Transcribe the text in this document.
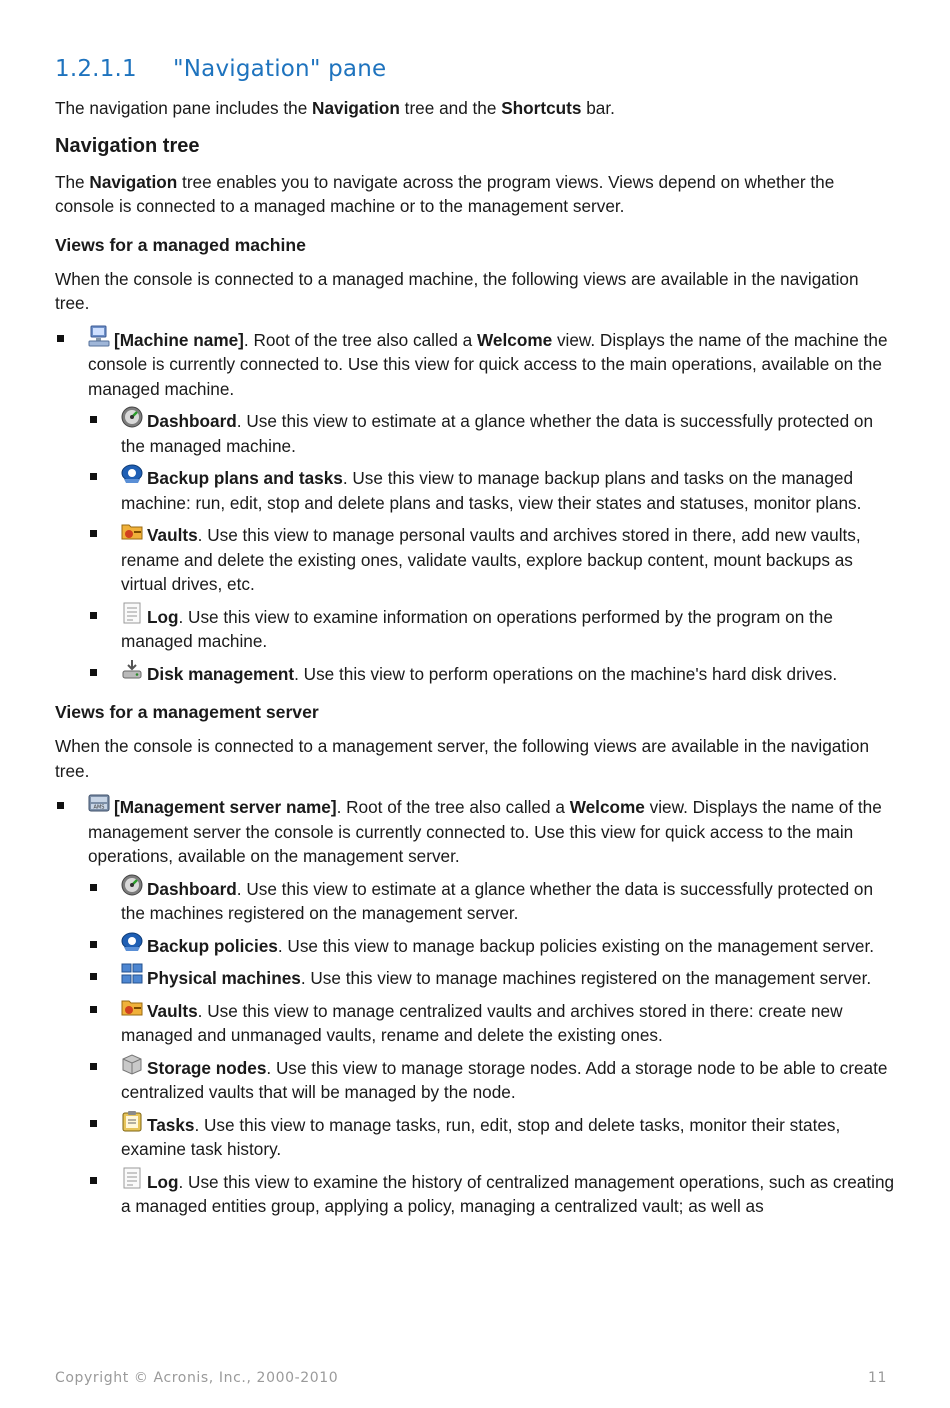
1.2.1.1 "Navigation" pane

The navigation pane includes the Navigation tree and the Shortcuts bar.

Navigation tree

The Navigation tree enables you to navigate across the program views. Views depend on whether the console is connected to a managed machine or to the management server.

Views for a managed machine

When the console is connected to a managed machine, the following views are available in the navigation tree.

[Machine name]. Root of the tree also called a Welcome view. Displays the name of the machine the console is currently connected to. Use this view for quick access to the main operations, available on the managed machine.
Dashboard. Use this view to estimate at a glance whether the data is successfully protected on the managed machine.
Backup plans and tasks. Use this view to manage backup plans and tasks on the managed machine: run, edit, stop and delete plans and tasks, view their states and statuses, monitor plans.
Vaults. Use this view to manage personal vaults and archives stored in there, add new vaults, rename and delete the existing ones, validate vaults, explore backup content, mount backups as virtual drives, etc.
Log. Use this view to examine information on operations performed by the program on the managed machine.
Disk management. Use this view to perform operations on the machine's hard disk drives.
Views for a management server

When the console is connected to a management server, the following views are available in the navigation tree.

AMS [Management server name]. Root of the tree also called a Welcome view. Displays the name of the management server the console is currently connected to. Use this view for quick access to the main operations, available on the management server.
Dashboard. Use this view to estimate at a glance whether the data is successfully protected on the machines registered on the management server.
Backup policies. Use this view to manage backup policies existing on the management server.
Physical machines. Use this view to manage machines registered on the management server.
Vaults. Use this view to manage centralized vaults and archives stored in there: create new managed and unmanaged vaults, rename and delete the existing ones.
Storage nodes. Use this view to manage storage nodes. Add a storage node to be able to create centralized vaults that will be managed by the node.
Tasks. Use this view to manage tasks, run, edit, stop and delete tasks, monitor their states, examine task history.
Log. Use this view to examine the history of centralized management operations, such as creating a managed entities group, applying a policy, managing a centralized vault; as well as
Copyright © Acronis, Inc., 2000-2010	11
